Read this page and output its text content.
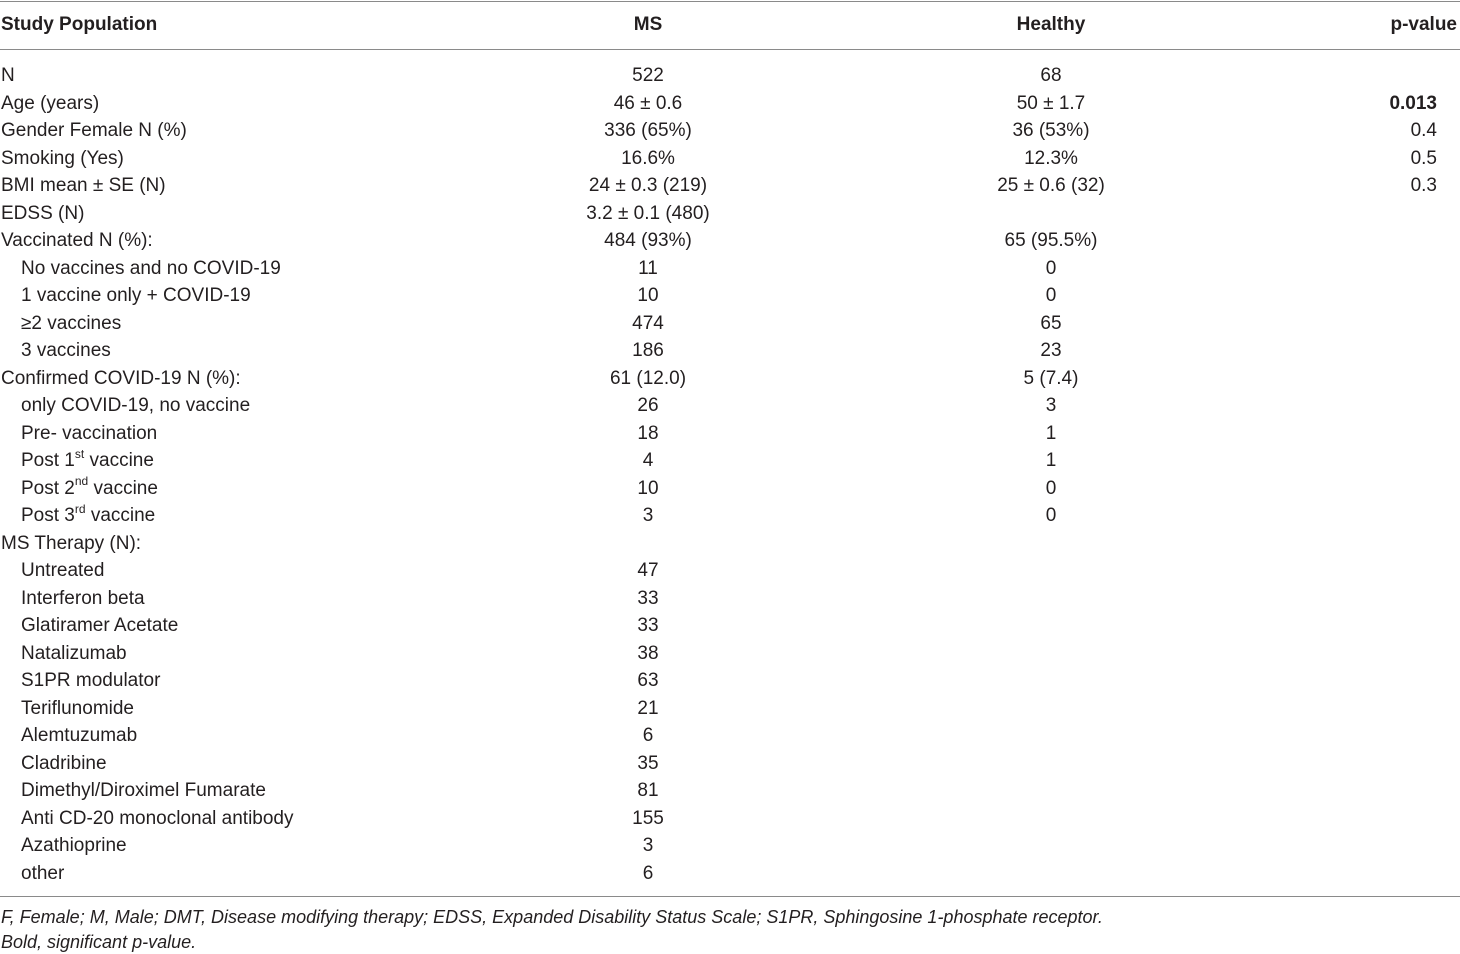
Study Population	MS	Healthy	p-value
N	522	68
Age (years)	46 ± 0.6	50 ± 1.7	0.013
Gender Female N (%)	336 (65%)	36 (53%)	0.4
Smoking (Yes)	16.6%	12.3%	0.5
BMI mean ± SE (N)	24 ± 0.3 (219)	25 ± 0.6 (32)	0.3
EDSS (N)	3.2 ± 0.1 (480)
Vaccinated N (%):	484 (93%)	65 (95.5%)
No vaccines and no COVID-19	11	0
1 vaccine only + COVID-19	10	0
≥2 vaccines	474	65
3 vaccines	186	23
Confirmed COVID-19 N (%):	61 (12.0)	5 (7.4)
only COVID-19, no vaccine	26	3
Pre- vaccination	18	1
Post 1st vaccine	4	1
Post 2nd vaccine	10	0
Post 3rd vaccine	3	0
MS Therapy (N):
Untreated	47
Interferon beta	33
Glatiramer Acetate	33
Natalizumab	38
S1PR modulator	63
Teriflunomide	21
Alemtuzumab	6
Cladribine	35
Dimethyl/Diroximel Fumarate	81
Anti CD-20 monoclonal antibody	155
Azathioprine	3
other	6
F, Female; M, Male; DMT, Disease modifying therapy; EDSS, Expanded Disability Status Scale; S1PR, Sphingosine 1-phosphate receptor.
Bold, significant p-value.
